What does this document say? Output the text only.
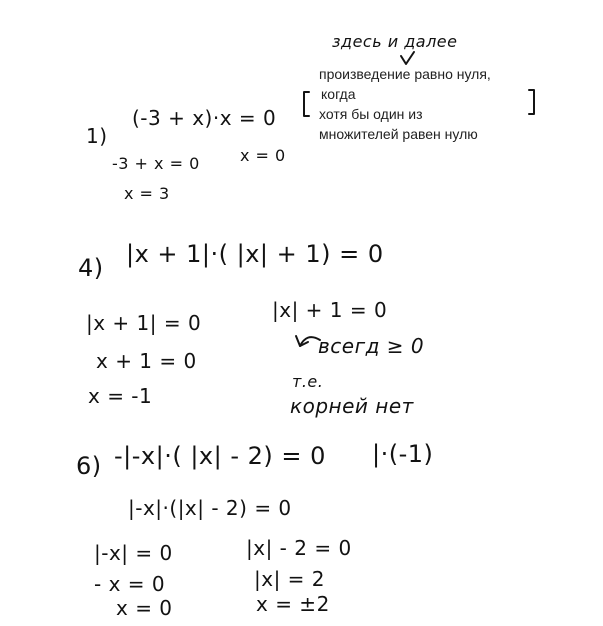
здесь и далее
произведение равно нуля,
когда
хотя бы один из
множителей равен нулю
1)
(-3 + x)·x = 0
-3 + x = 0	x = 0
x = 3
4) |x + 1|·( |x| + 1) = 0
|x + 1| = 0
x + 1 = 0
x = -1
|x| + 1 = 0
всегд ≥ 0
т.е.
корней нет
6) -|-x|·( |x| - 2) = 0 |·(-1)
|-x|·(|x| - 2) = 0
|-x| = 0
- x = 0
x = 0
|x| - 2 = 0
|x| = 2
x = ±2
